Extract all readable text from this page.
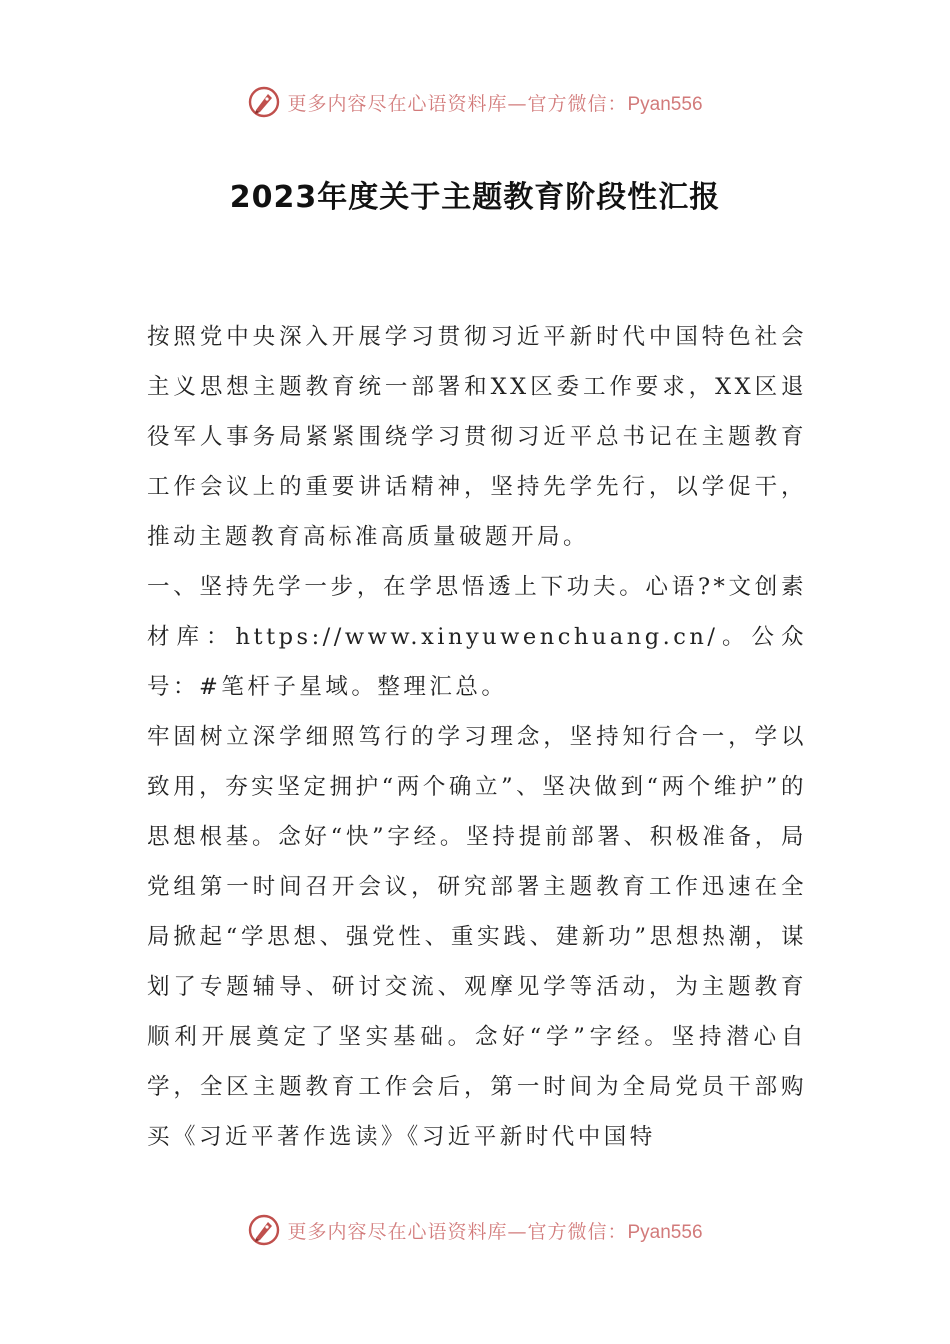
更多内容尽在心语资料库—官方微信：Pyan556
2023年度关于主题教育阶段性汇报

按照党中央深入开展学习贯彻习近平新时代中国特色社会主义思想主题教育统一部署和XX区委工作要求，XX区退役军人事务局紧紧围绕学习贯彻习近平总书记在主题教育工作会议上的重要讲话精神，坚持先学先行，以学促干，推动主题教育高标准高质量破题开局。

一、坚持先学一步，在学思悟透上下功夫。心语?*文创素材库：https://www.xinyuwenchuang.cn/。公众号：#笔杆子星域。整理汇总。

牢固树立深学细照笃行的学习理念，坚持知行合一，学以致用，夯实坚定拥护“两个确立”、坚决做到“两个维护”的思想根基。念好“快”字经。坚持提前部署、积极准备，局党组第一时间召开会议，研究部署主题教育工作迅速在全局掀起“学思想、强党性、重实践、建新功”思想热潮，谋划了专题辅导、研讨交流、观摩见学等活动，为主题教育顺利开展奠定了坚实基础。念好“学”字经。坚持潜心自学，全区主题教育工作会后，第一时间为全局党员干部购买《习近平著作选读》《习近平新时代中国特

更多内容尽在心语资料库—官方微信：Pyan556
